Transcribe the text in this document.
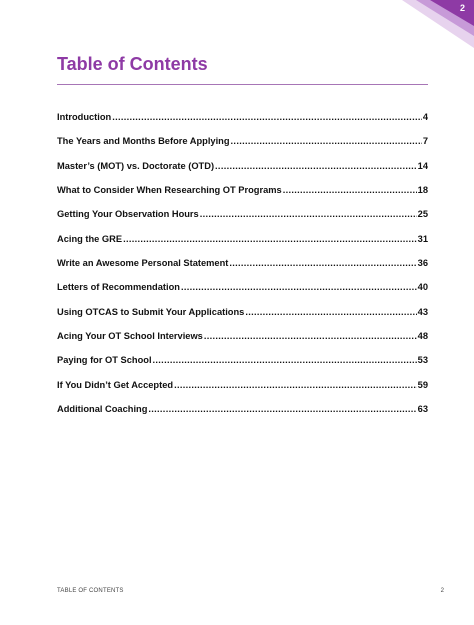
2
Table of Contents
Introduction .....	4
The Years and Months Before Applying .....	7
Master’s (MOT) vs. Doctorate (OTD) .....	14
What to Consider When Researching OT Programs .....	18
Getting Your Observation Hours .....	25
Acing the GRE .....	31
Write an Awesome Personal Statement .....	36
Letters of Recommendation .....	40
Using OTCAS to Submit Your Applications .....	43
Acing Your OT School Interviews .....	48
Paying for OT School .....	53
If You Didn’t Get Accepted .....	59
Additional Coaching .....	63
TABLE OF CONTENTS	2
